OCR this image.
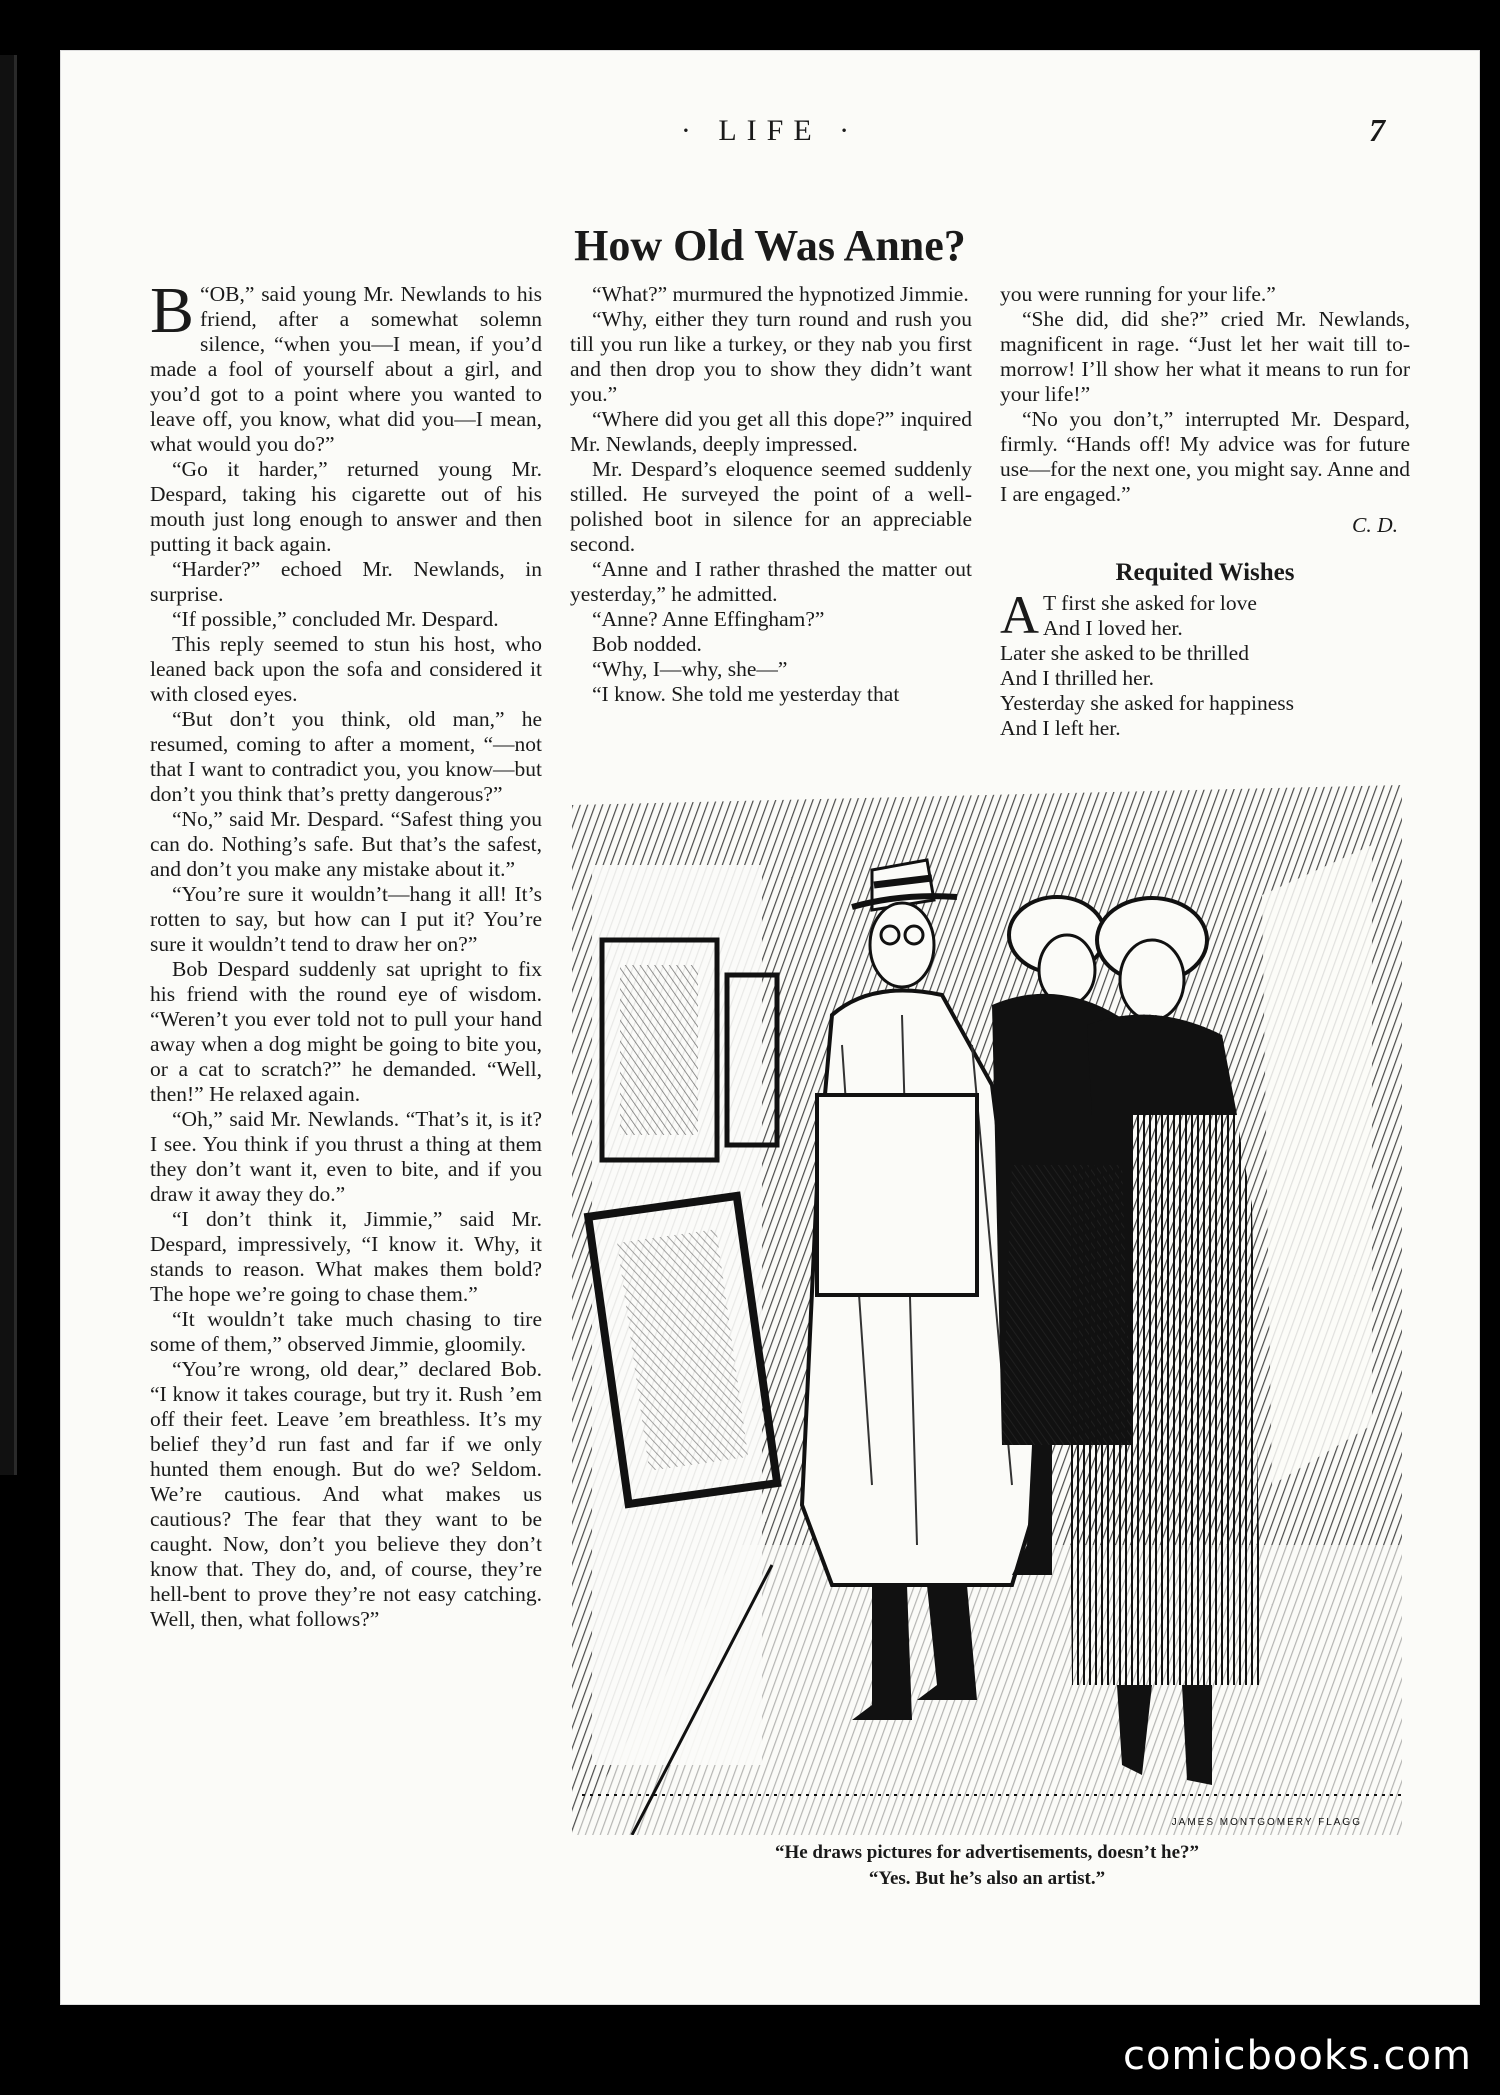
· LIFE ·	7
How Old Was Anne?

“
B OB,” said young Mr. Newlands to his friend, after a somewhat solemn silence, “when you—I mean, if you’d made a fool of yourself about a girl, and you’d got to a point where you wanted to leave off, you know, what did you—I mean, what would you do?”

“Go it harder,” returned young Mr. Despard, taking his cigarette out of his mouth just long enough to answer and then putting it back again.

“Harder?” echoed Mr. Newlands, in surprise.

“If possible,” concluded Mr. Despard.

This reply seemed to stun his host, who leaned back upon the sofa and considered it with closed eyes.

“But don’t you think, old man,” he resumed, coming to after a moment, “—not that I want to contradict you, you know—but don’t you think that’s pretty dangerous?”

“No,” said Mr. Despard. “Safest thing you can do. Nothing’s safe. But that’s the safest, and don’t you make any mistake about it.”

“You’re sure it wouldn’t—hang it all! It’s rotten to say, but how can I put it? You’re sure it wouldn’t tend to draw her on?”

Bob Despard suddenly sat upright to fix his friend with the round eye of wisdom. “Weren’t you ever told not to pull your hand away when a dog might be going to bite you, or a cat to scratch?” he demanded. “Well, then!” He relaxed again.

“Oh,” said Mr. Newlands. “That’s it, is it? I see. You think if you thrust a thing at them they don’t want it, even to bite, and if you draw it away they do.”

“I don’t think it, Jimmie,” said Mr. Despard, impressively, “I know it. Why, it stands to reason. What makes them bold? The hope we’re going to chase them.”

“It wouldn’t take much chasing to tire some of them,” observed Jimmie, gloomily.

“You’re wrong, old dear,” declared Bob. “I know it takes courage, but try it. Rush ’em off their feet. Leave ’em breathless. It’s my belief they’d run fast and far if we only hunted them enough. But do we? Seldom. We’re cautious. And what makes us cautious? The fear that they want to be caught. Now, don’t you believe they don’t know that. They do, and, of course, they’re hell-bent to prove they’re not easy catching. Well, then, what follows?”

“What?” murmured the hypnotized Jimmie.

“Why, either they turn round and rush you till you run like a turkey, or they nab you first and then drop you to show they didn’t want you.”

“Where did you get all this dope?” inquired Mr. Newlands, deeply impressed.

Mr. Despard’s eloquence seemed suddenly stilled. He surveyed the point of a well-polished boot in silence for an appreciable second.

“Anne and I rather thrashed the matter out yesterday,” he admitted.

“Anne? Anne Effingham?”

Bob nodded.

“Why, I—why, she—”

“I know. She told me yesterday that

you were running for your life.”

“She did, did she?” cried Mr. Newlands, magnificent in rage. “Just let her wait till to-morrow! I’ll show her what it means to run for your life!”

“No you don’t,” interrupted Mr. Despard, firmly. “Hands off! My advice was for future use—for the next one, you might say. Anne and I are engaged.”

C. D.
Requited Wishes

A T first she asked for love

And I loved her.

Later she asked to be thrilled

And I thrilled her.

Yesterday she asked for happiness

And I left her.

JAMES MONTGOMERY FLAGG
“He draws pictures for advertisements, doesn’t he?”
“Yes. But he’s also an artist.”
comicbooks.com
